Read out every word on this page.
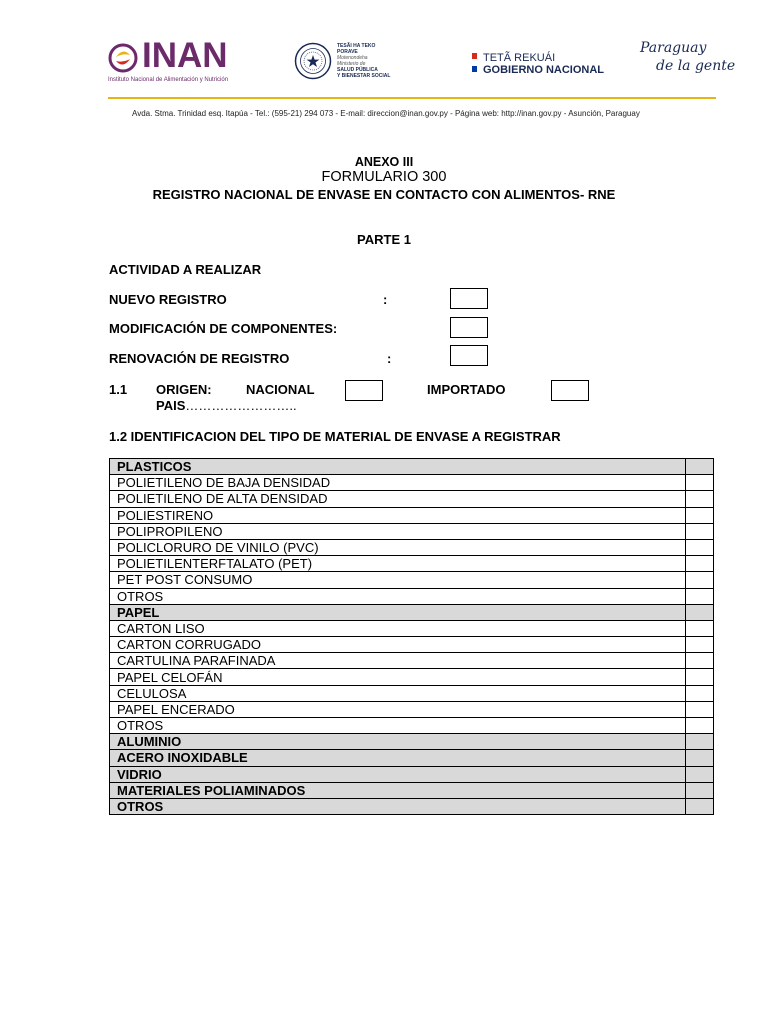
INAN
Instituto Nacional de Alimentación y Nutrición
TESÃI HA TEKO
PORAVE
Motenondeha
Ministerio de
SALUD PÚBLICA
Y BIENESTAR SOCIAL
TETÃ REKUÁI
GOBIERNO NACIONAL
Paraguay
de la gente
Avda. Stma. Trinidad esq. Itapúa - Tel.: (595-21) 294 073 - E-mail: direccion@inan.gov.py - Página web: http://inan.gov.py - Asunción, Paraguay
ANEXO III
FORMULARIO 300
REGISTRO NACIONAL DE ENVASE EN CONTACTO CON ALIMENTOS- RNE
PARTE 1
ACTIVIDAD A REALIZAR
NUEVO REGISTRO	:
MODIFICACIÓN DE COMPONENTES:
RENOVACIÓN DE REGISTRO	:
1.1 ORIGEN:	NACIONAL	IMPORTADO
PAIS……………………..
1.2 IDENTIFICACION DEL TIPO DE MATERIAL DE ENVASE A REGISTRAR
PLASTICOS	
POLIETILENO DE BAJA DENSIDAD	
POLIETILENO DE ALTA DENSIDAD	
POLIESTIRENO	
POLIPROPILENO	
POLICLORURO DE VINILO (PVC)	
POLIETILENTERFTALATO (PET)	
PET POST CONSUMO	
OTROS	
PAPEL	
CARTON LISO	
CARTON CORRUGADO	
CARTULINA PARAFINADA	
PAPEL CELOFÁN	
CELULOSA	
PAPEL ENCERADO	
OTROS	
ALUMINIO	
ACERO INOXIDABLE	
VIDRIO	
MATERIALES POLIAMINADOS	
OTROS	
